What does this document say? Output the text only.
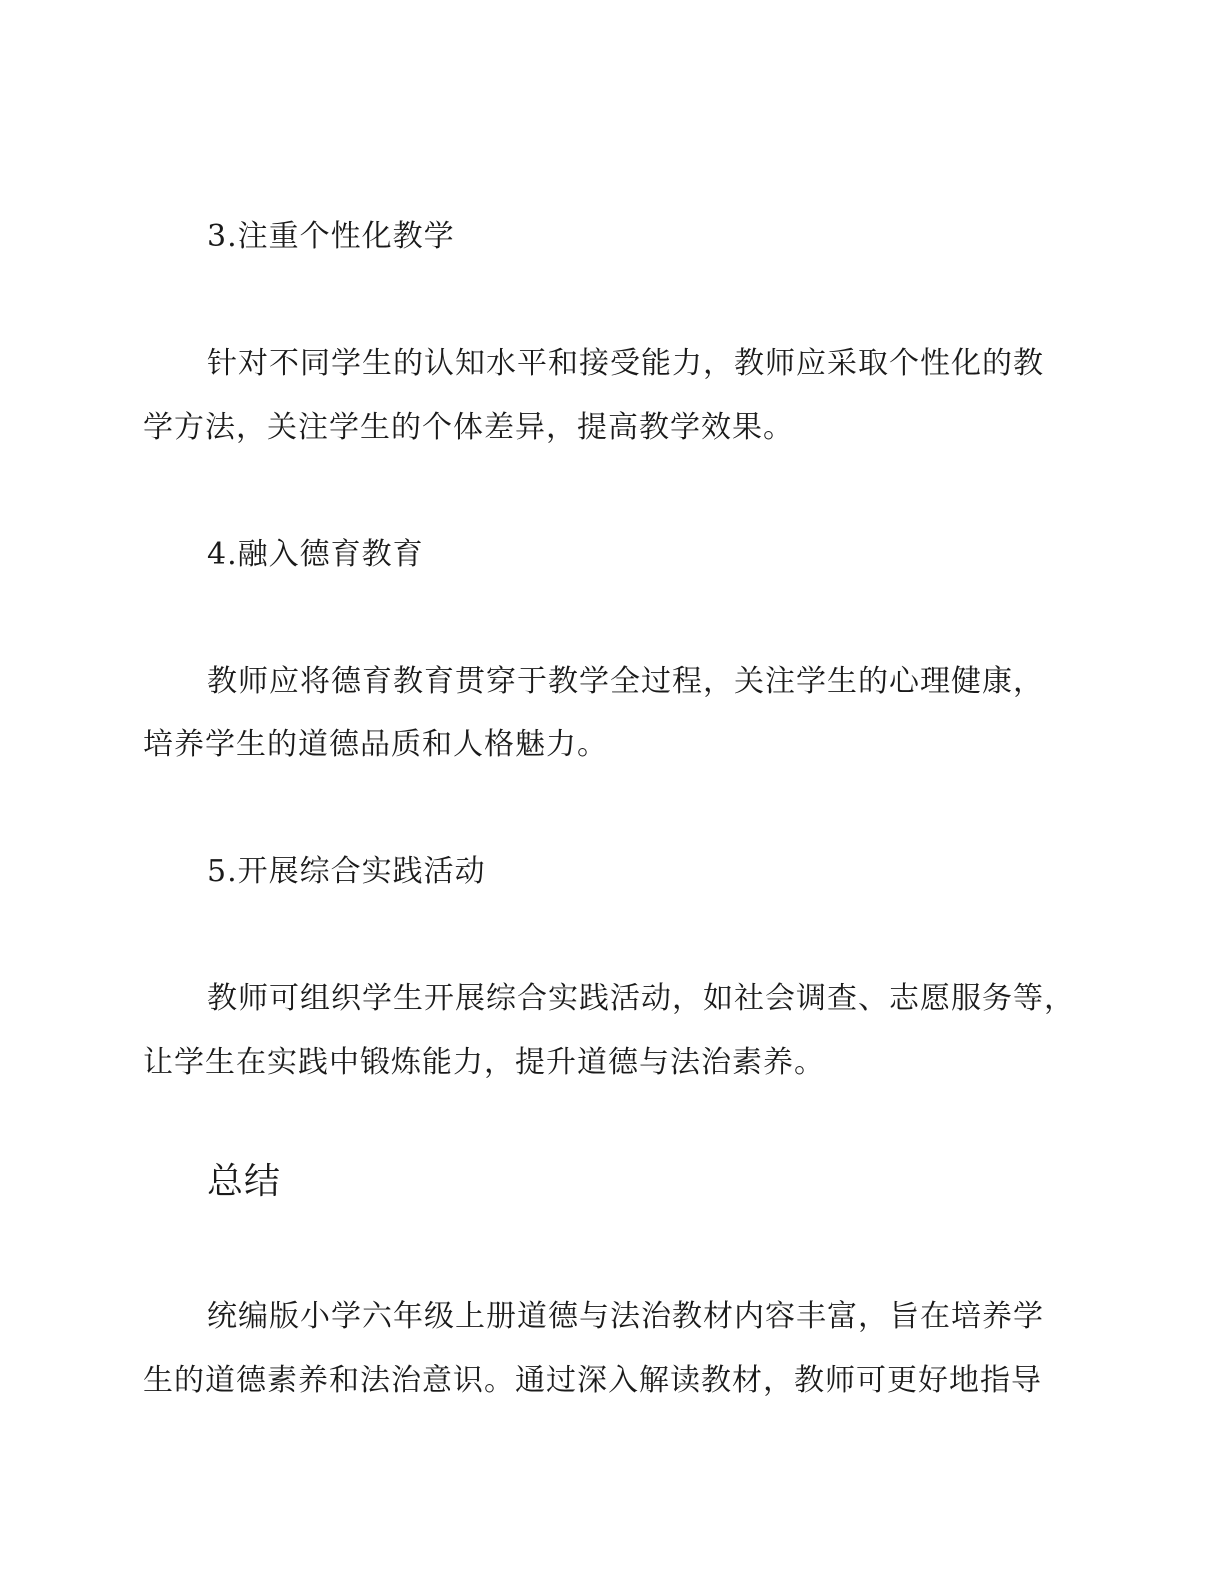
3.注重个性化教学
针对不同学生的认知水平和接受能力，教师应采取个性化的教
学方法，关注学生的个体差异，提高教学效果。
4.融入德育教育
教师应将德育教育贯穿于教学全过程，关注学生的心理健康，
培养学生的道德品质和人格魅力。
5.开展综合实践活动
教师可组织学生开展综合实践活动，如社会调查、志愿服务等，
让学生在实践中锻炼能力，提升道德与法治素养。
总结
统编版小学六年级上册道德与法治教材内容丰富，旨在培养学
生的道德素养和法治意识。通过深入解读教材，教师可更好地指导
